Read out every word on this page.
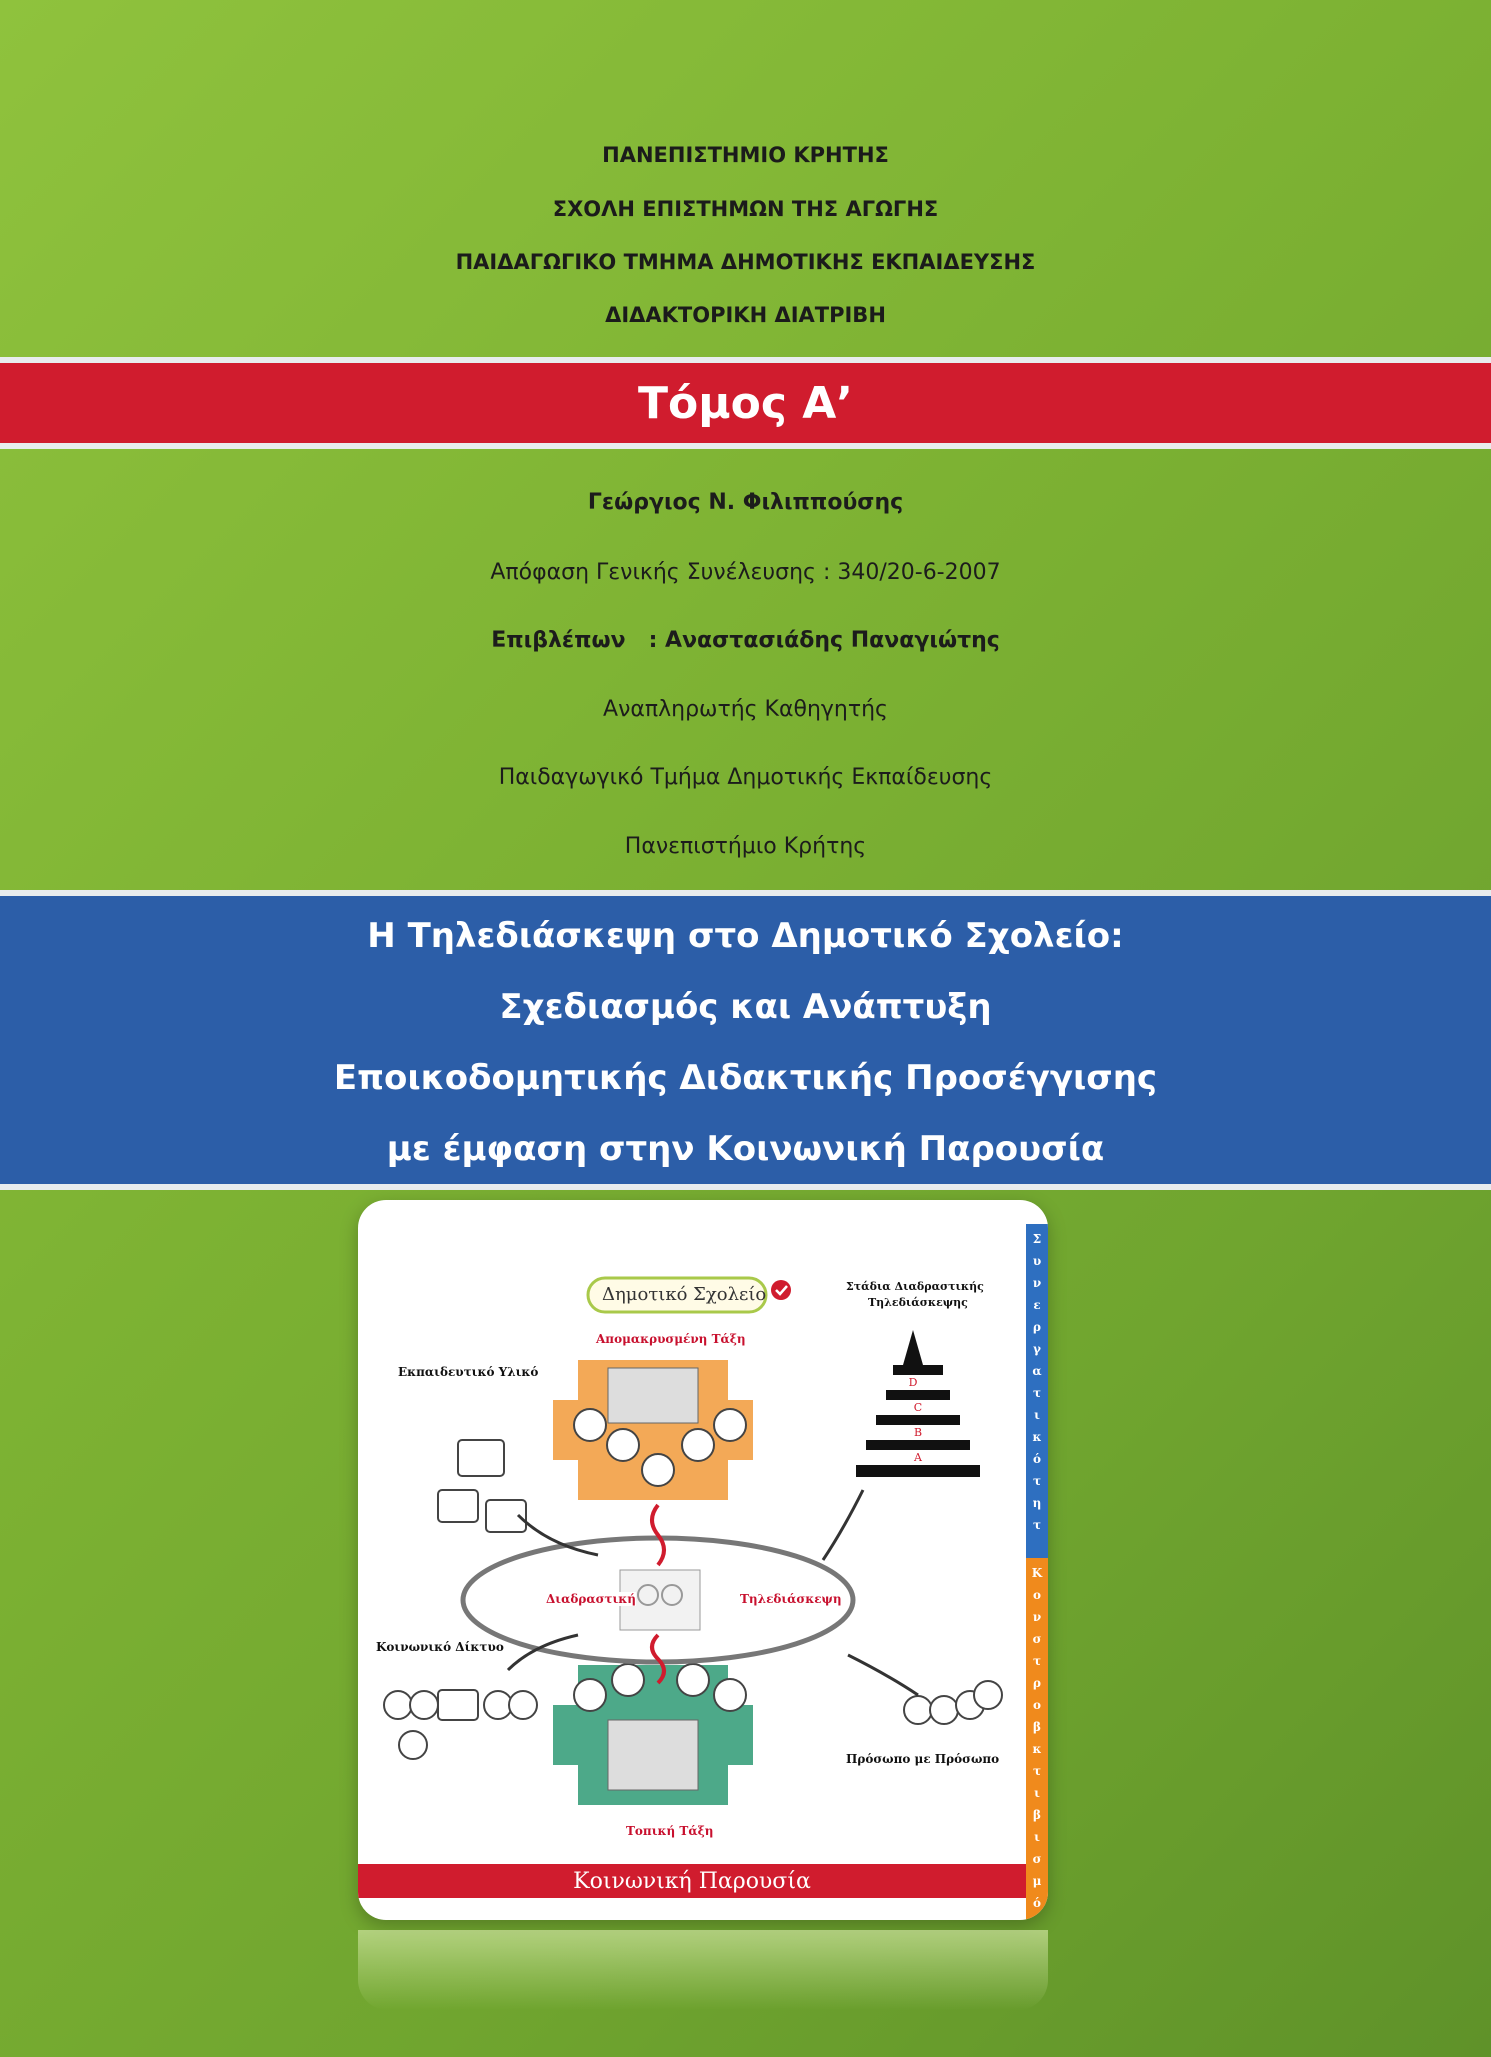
ΠΑΝΕΠΙΣΤΗΜΙΟ ΚΡΗΤΗΣ
ΣΧΟΛΗ ΕΠΙΣΤΗΜΩΝ ΤΗΣ ΑΓΩΓΗΣ
ΠΑΙΔΑΓΩΓΙΚΟ ΤΜΗΜΑ ΔΗΜΟΤΙΚΗΣ ΕΚΠΑΙΔΕΥΣΗΣ
ΔΙΔΑΚΤΟΡΙΚΗ ΔΙΑΤΡΙΒΗ
Τόμος Α’
Γεώργιος Ν. Φιλιππούσης
Απόφαση Γενικής Συνέλευσης : 340/20-6-2007
Επιβλέπων   : Αναστασιάδης Παναγιώτης
Αναπληρωτής Καθηγητής
Παιδαγωγικό Τμήμα Δημοτικής Εκπαίδευσης
Πανεπιστήμιο Κρήτης
Η Τηλεδιάσκεψη στο Δημοτικό Σχολείο:
Σχεδιασμός και Ανάπτυξη
Εποικοδομητικής Διδακτικής Προσέγγισης
με έμφαση στην Κοινωνική Παρουσία
D
C
B
A
Δημοτικό Σχολείο	Στάδια Διαδραστικής
Τηλεδιάσκεψης
Απομακρυσμένη Τάξη
Εκπαιδευτικό Υλικό
Διαδραστική	Τηλεδιάσκεψη
Κοινωνικό Δίκτυο
Πρόσωπο με Πρόσωπο
Τοπική Τάξη
Κοινωνική Παρουσία
Σ
υ
ν
ε
ρ
γ
α
τ
ι
κ
ό
τ
η
τ
Κ
ο
ν
σ
τ
ρ
ο
β
κ
τ
ι
β
ι
σ
μ
ό
